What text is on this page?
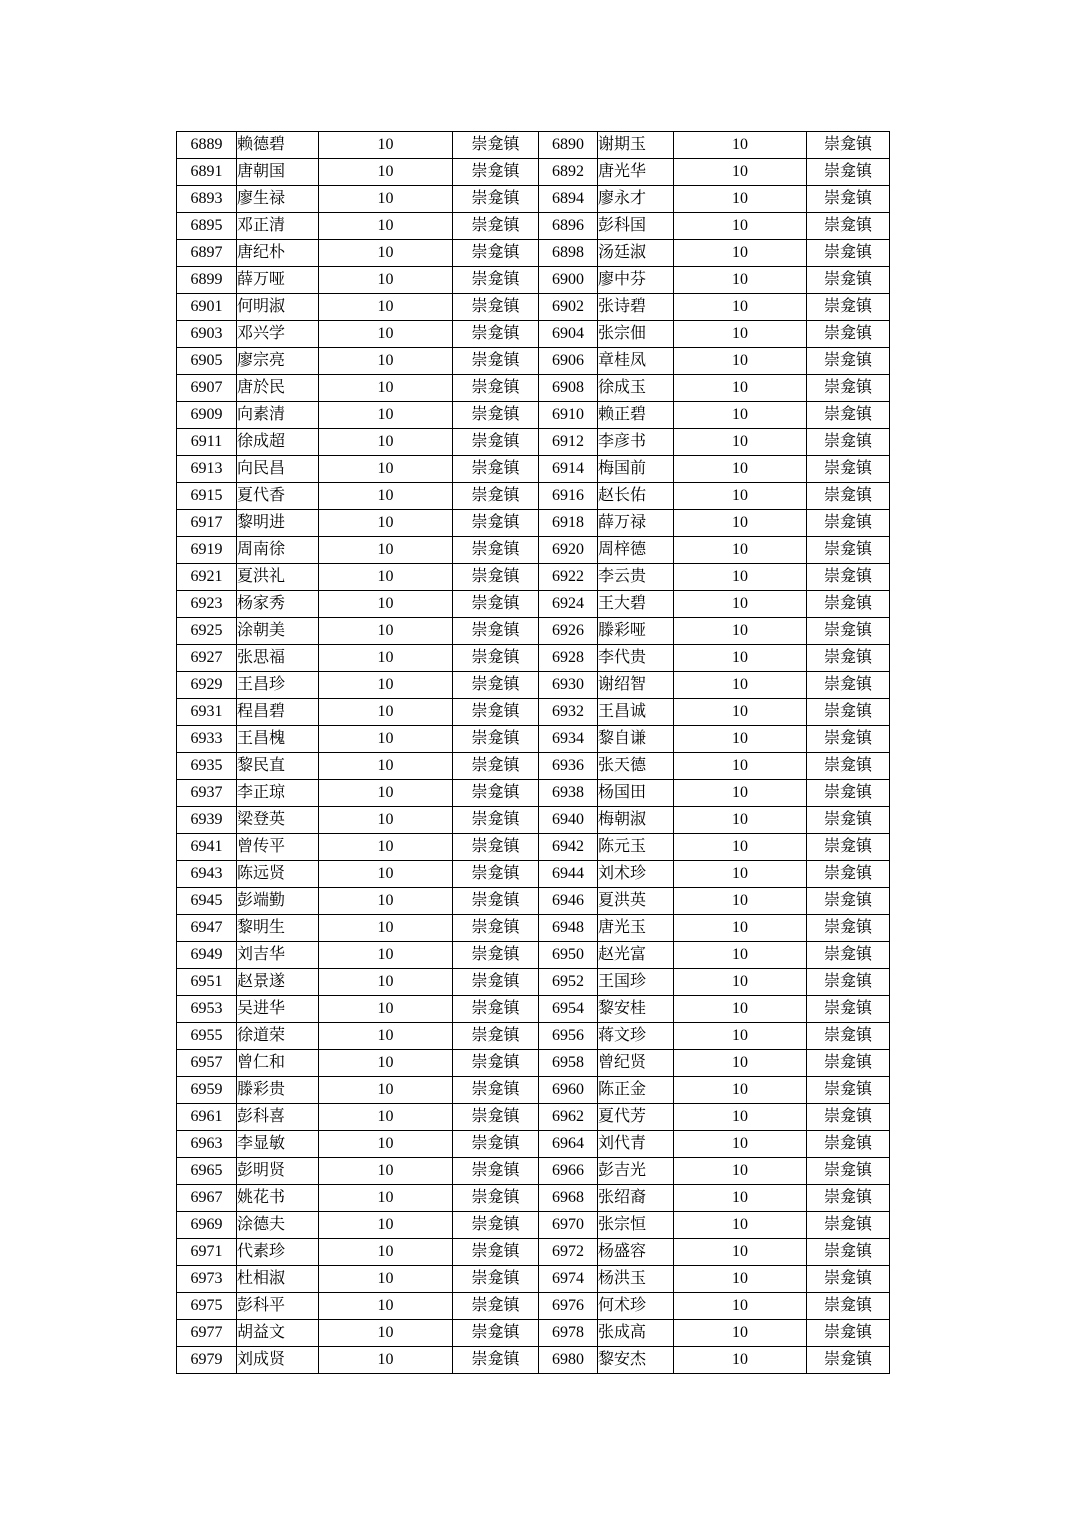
6889	赖德碧	10	崇龛镇	6890	谢期玉	10	崇龛镇
6891	唐朝国	10	崇龛镇	6892	唐光华	10	崇龛镇
6893	廖生禄	10	崇龛镇	6894	廖永才	10	崇龛镇
6895	邓正清	10	崇龛镇	6896	彭科国	10	崇龛镇
6897	唐纪朴	10	崇龛镇	6898	汤廷淑	10	崇龛镇
6899	薛万哑	10	崇龛镇	6900	廖中芬	10	崇龛镇
6901	何明淑	10	崇龛镇	6902	张诗碧	10	崇龛镇
6903	邓兴学	10	崇龛镇	6904	张宗佃	10	崇龛镇
6905	廖宗亮	10	崇龛镇	6906	章桂凤	10	崇龛镇
6907	唐於民	10	崇龛镇	6908	徐成玉	10	崇龛镇
6909	向素清	10	崇龛镇	6910	赖正碧	10	崇龛镇
6911	徐成超	10	崇龛镇	6912	李彦书	10	崇龛镇
6913	向民昌	10	崇龛镇	6914	梅国前	10	崇龛镇
6915	夏代香	10	崇龛镇	6916	赵长佑	10	崇龛镇
6917	黎明进	10	崇龛镇	6918	薛万禄	10	崇龛镇
6919	周南徐	10	崇龛镇	6920	周梓德	10	崇龛镇
6921	夏洪礼	10	崇龛镇	6922	李云贵	10	崇龛镇
6923	杨家秀	10	崇龛镇	6924	王大碧	10	崇龛镇
6925	涂朝美	10	崇龛镇	6926	滕彩哑	10	崇龛镇
6927	张思福	10	崇龛镇	6928	李代贵	10	崇龛镇
6929	王昌珍	10	崇龛镇	6930	谢绍智	10	崇龛镇
6931	程昌碧	10	崇龛镇	6932	王昌诚	10	崇龛镇
6933	王昌槐	10	崇龛镇	6934	黎自谦	10	崇龛镇
6935	黎民直	10	崇龛镇	6936	张天德	10	崇龛镇
6937	李正琼	10	崇龛镇	6938	杨国田	10	崇龛镇
6939	梁登英	10	崇龛镇	6940	梅朝淑	10	崇龛镇
6941	曾传平	10	崇龛镇	6942	陈元玉	10	崇龛镇
6943	陈远贤	10	崇龛镇	6944	刘术珍	10	崇龛镇
6945	彭端勤	10	崇龛镇	6946	夏洪英	10	崇龛镇
6947	黎明生	10	崇龛镇	6948	唐光玉	10	崇龛镇
6949	刘吉华	10	崇龛镇	6950	赵光富	10	崇龛镇
6951	赵景遂	10	崇龛镇	6952	王国珍	10	崇龛镇
6953	吴进华	10	崇龛镇	6954	黎安桂	10	崇龛镇
6955	徐道荣	10	崇龛镇	6956	蒋文珍	10	崇龛镇
6957	曾仁和	10	崇龛镇	6958	曾纪贤	10	崇龛镇
6959	滕彩贵	10	崇龛镇	6960	陈正金	10	崇龛镇
6961	彭科喜	10	崇龛镇	6962	夏代芳	10	崇龛镇
6963	李显敏	10	崇龛镇	6964	刘代青	10	崇龛镇
6965	彭明贤	10	崇龛镇	6966	彭吉光	10	崇龛镇
6967	姚花书	10	崇龛镇	6968	张绍裔	10	崇龛镇
6969	涂德夫	10	崇龛镇	6970	张宗恒	10	崇龛镇
6971	代素珍	10	崇龛镇	6972	杨盛容	10	崇龛镇
6973	杜相淑	10	崇龛镇	6974	杨洪玉	10	崇龛镇
6975	彭科平	10	崇龛镇	6976	何术珍	10	崇龛镇
6977	胡益文	10	崇龛镇	6978	张成高	10	崇龛镇
6979	刘成贤	10	崇龛镇	6980	黎安杰	10	崇龛镇
